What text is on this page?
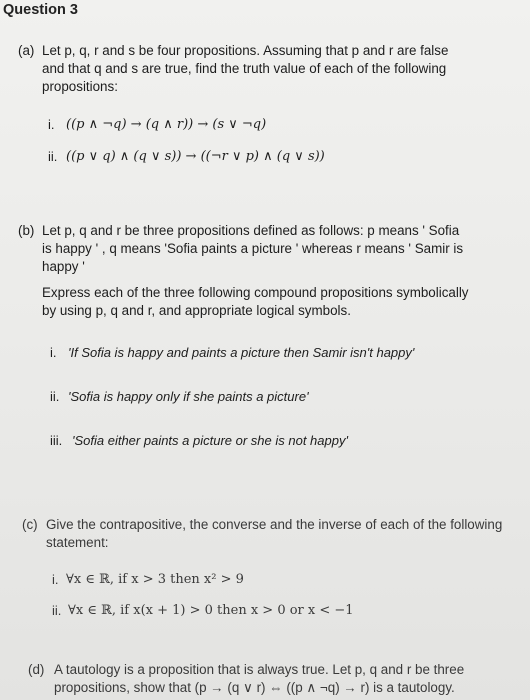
Question 3
(a) Let p, q, r and s be four propositions. Assuming that p and r are false
and that q and s are true, find the truth value of each of the following
propositions:
i. ((p ∧ ¬q) → (q ∧ r)) → (s ∨ ¬q)
ii. ((p ∨ q) ∧ (q ∨ s)) → ((¬r ∨ p) ∧ (q ∨ s))
(b) Let p, q and r be three propositions defined as follows: p means ' Sofia
is happy ' , q means 'Sofia paints a picture ' whereas r means ' Samir is
happy '
Express each of the three following compound propositions symbolically
by using p, q and r, and appropriate logical symbols.
i. 'If Sofia is happy and paints a picture then Samir isn't happy'
ii. 'Sofia is happy only if she paints a picture'
iii. 'Sofia either paints a picture or she is not happy'
(c) Give the contrapositive, the converse and the inverse of each of the following
statement:
i. ∀x ∈ ℝ, if x > 3 then x² > 9
ii. ∀x ∈ ℝ, if x(x + 1) > 0 then x > 0 or x < −1
(d) A tautology is a proposition that is always true. Let p, q and r be three
propositions, show that (p → (q ∨ r) ⇔ ((p ∧ ¬q) → r) is a tautology.
